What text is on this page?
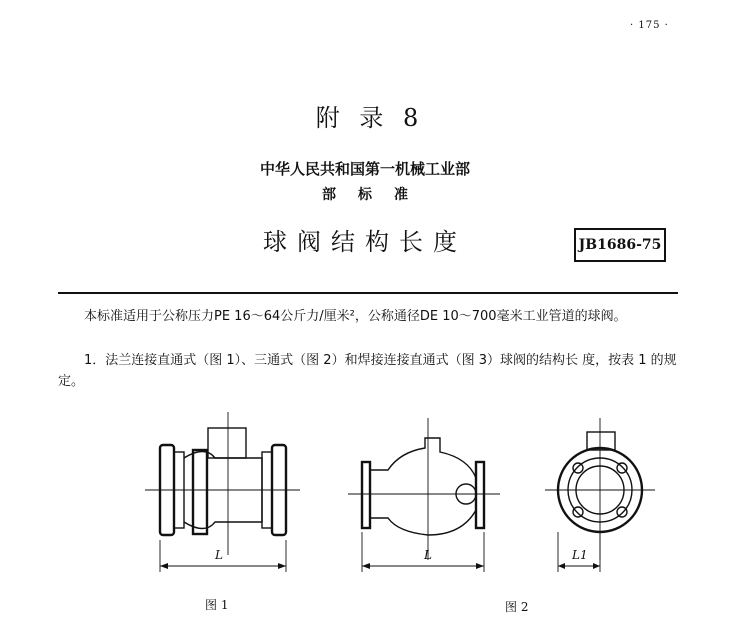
· 175 ·
附 录 8
中华人民共和国第一机械工业部
部标准
球阀结构长度	JB1686-75
本标准适用于公称压力PE 16～64公斤力/厘米²，公称通径DE 10～700毫米工业管道的球阀。
1．法兰连接直通式（图 1）、三通式（图 2）和焊接连接直通式（图 3）球阀的结构长 度，按表 1 的规定。
L	L	L1
图 1	图 2
